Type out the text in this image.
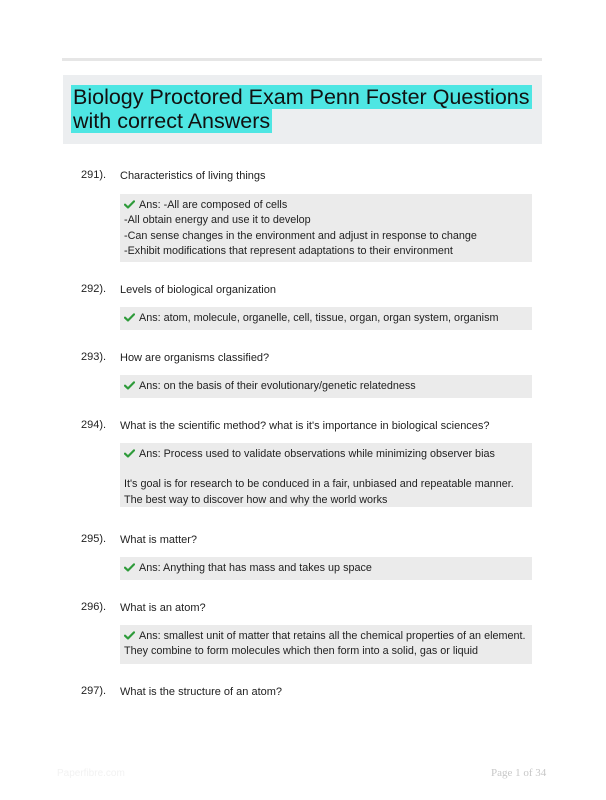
Biology Proctored Exam Penn Foster Questions with correct Answers
291). Characteristics of living things

Ans: -All are composed of cells

-All obtain energy and use it to develop

-Can sense changes in the environment and adjust in response to change

-Exhibit modifications that represent adaptations to their environment

292). Levels of biological organization

Ans: atom, molecule, organelle, cell, tissue, organ, organ system, organism

293). How are organisms classified?

Ans: on the basis of their evolutionary/genetic relatedness

294). What is the scientific method? what is it's importance in biological sciences?

Ans: Process used to validate observations while minimizing observer bias

It's goal is for research to be conduced in a fair, unbiased and repeatable manner. The best way to discover how and why the world works

295). What is matter?

Ans: Anything that has mass and takes up space

296). What is an atom?

Ans: smallest unit of matter that retains all the chemical properties of an element. They combine to form molecules which then form into a solid, gas or liquid

297). What is the structure of an atom?
Paperfibre.com	Page 1 of 34
